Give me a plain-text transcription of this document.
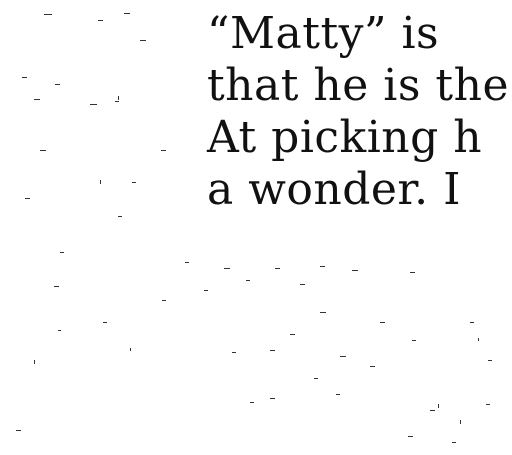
“Matty” is
that he is the
At picking h
a wonder. I
